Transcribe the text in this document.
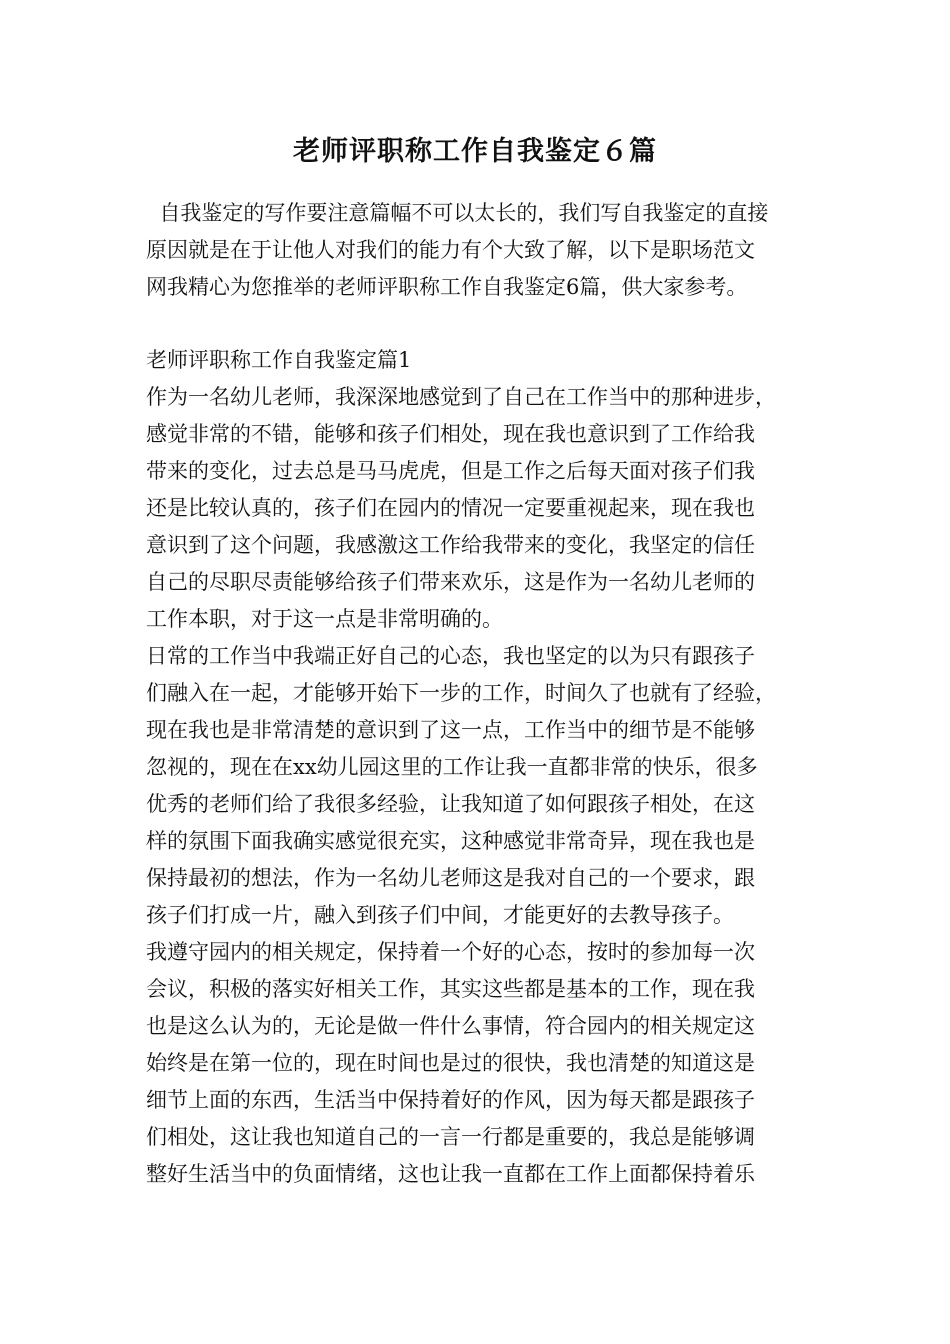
老师评职称工作自我鉴定６篇
自我鉴定的写作要注意篇幅不可以太长的，我们写自我鉴定的直接
原因就是在于让他人对我们的能力有个大致了解，以下是职场范文
网我精心为您推举的老师评职称工作自我鉴定6篇，供大家参考。
老师评职称工作自我鉴定篇1
作为一名幼儿老师，我深深地感觉到了自己在工作当中的那种进步，
感觉非常的不错，能够和孩子们相处，现在我也意识到了工作给我
带来的变化，过去总是马马虎虎，但是工作之后每天面对孩子们我
还是比较认真的，孩子们在园内的情况一定要重视起来，现在我也
意识到了这个问题，我感激这工作给我带来的变化，我坚定的信任
自己的尽职尽责能够给孩子们带来欢乐，这是作为一名幼儿老师的
工作本职，对于这一点是非常明确的。
日常的工作当中我端正好自己的心态，我也坚定的以为只有跟孩子
们融入在一起，才能够开始下一步的工作，时间久了也就有了经验，
现在我也是非常清楚的意识到了这一点，工作当中的细节是不能够
忽视的，现在在xx幼儿园这里的工作让我一直都非常的快乐，很多
优秀的老师们给了我很多经验，让我知道了如何跟孩子相处，在这
样的氛围下面我确实感觉很充实，这种感觉非常奇异，现在我也是
保持最初的想法，作为一名幼儿老师这是我对自己的一个要求，跟
孩子们打成一片，融入到孩子们中间，才能更好的去教导孩子。
我遵守园内的相关规定，保持着一个好的心态，按时的参加每一次
会议，积极的落实好相关工作，其实这些都是基本的工作，现在我
也是这么认为的，无论是做一件什么事情，符合园内的相关规定这
始终是在第一位的，现在时间也是过的很快，我也清楚的知道这是
细节上面的东西，生活当中保持着好的作风，因为每天都是跟孩子
们相处，这让我也知道自己的一言一行都是重要的，我总是能够调
整好生活当中的负面情绪，这也让我一直都在工作上面都保持着乐
